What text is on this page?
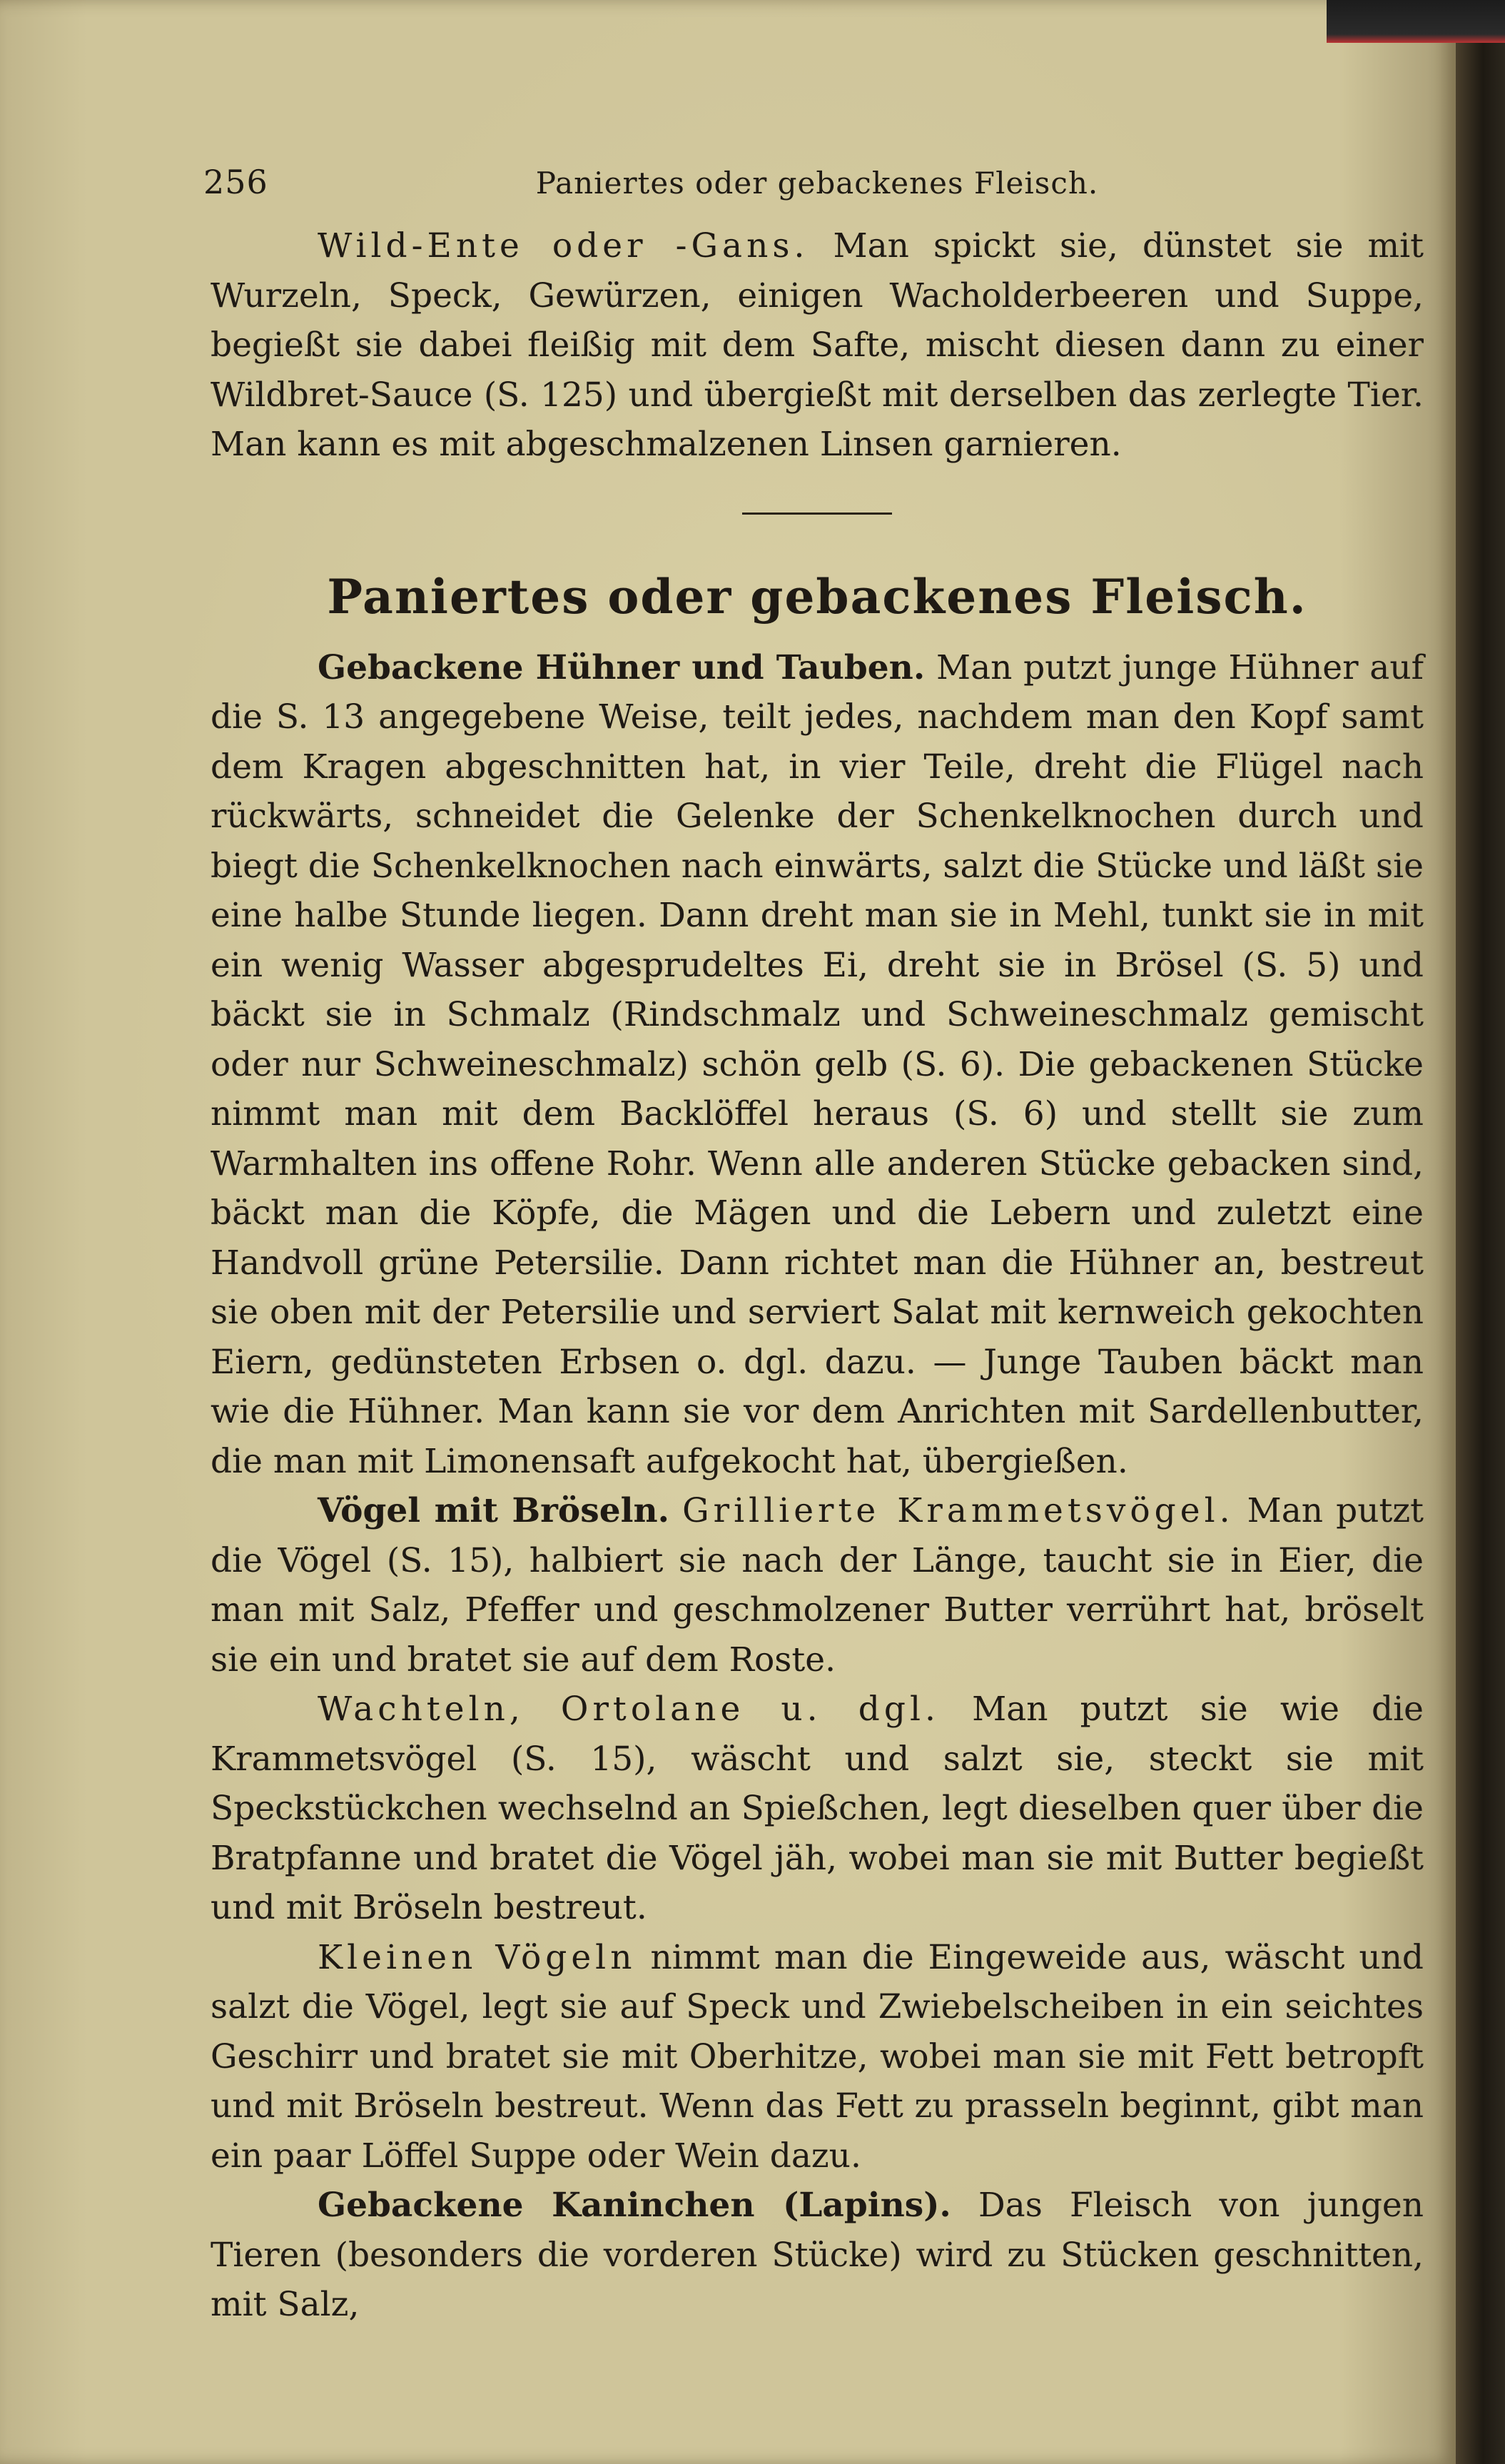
256	Paniertes oder gebackenes Fleisch.

Wild-Ente oder -Gans. Man spickt sie, dünstet sie mit Wurzeln, Speck, Gewürzen, einigen Wacholderbeeren und Suppe, begießt sie dabei fleißig mit dem Safte, mischt diesen dann zu einer Wildbret-Sauce (S. 125) und übergießt mit derselben das zerlegte Tier. Man kann es mit abgeschmalzenen Linsen garnieren.

Paniertes oder gebackenes Fleisch.

Gebackene Hühner und Tauben. Man putzt junge Hühner auf die S. 13 angegebene Weise, teilt jedes, nachdem man den Kopf samt dem Kragen abgeschnitten hat, in vier Teile, dreht die Flügel nach rückwärts, schneidet die Gelenke der Schenkelknochen durch und biegt die Schenkelknochen nach einwärts, salzt die Stücke und läßt sie eine halbe Stunde liegen. Dann dreht man sie in Mehl, tunkt sie in mit ein wenig Wasser abgesprudeltes Ei, dreht sie in Brösel (S. 5) und bäckt sie in Schmalz (Rindschmalz und Schweineschmalz gemischt oder nur Schweineschmalz) schön gelb (S. 6). Die gebackenen Stücke nimmt man mit dem Backlöffel heraus (S. 6) und stellt sie zum Warmhalten ins offene Rohr. Wenn alle anderen Stücke gebacken sind, bäckt man die Köpfe, die Mägen und die Lebern und zuletzt eine Handvoll grüne Petersilie. Dann richtet man die Hühner an, bestreut sie oben mit der Petersilie und serviert Salat mit kernweich gekochten Eiern, gedünsteten Erbsen o. dgl. dazu. — Junge Tauben bäckt man wie die Hühner. Man kann sie vor dem Anrichten mit Sardellenbutter, die man mit Limonensaft aufgekocht hat, übergießen.

Vögel mit Bröseln. Grillierte Krammetsvögel. Man putzt die Vögel (S. 15), halbiert sie nach der Länge, taucht sie in Eier, die man mit Salz, Pfeffer und geschmolzener Butter verrührt hat, bröselt sie ein und bratet sie auf dem Roste.

Wachteln, Ortolane u. dgl. Man putzt sie wie die Krammetsvögel (S. 15), wäscht und salzt sie, steckt sie mit Speckstückchen wechselnd an Spießchen, legt dieselben quer über die Bratpfanne und bratet die Vögel jäh, wobei man sie mit Butter begießt und mit Bröseln bestreut.

Kleinen Vögeln nimmt man die Eingeweide aus, wäscht und salzt die Vögel, legt sie auf Speck und Zwiebelscheiben in ein seichtes Geschirr und bratet sie mit Oberhitze, wobei man sie mit Fett betropft und mit Bröseln bestreut. Wenn das Fett zu prasseln beginnt, gibt man ein paar Löffel Suppe oder Wein dazu.

Gebackene Kaninchen (Lapins). Das Fleisch von jungen Tieren (besonders die vorderen Stücke) wird zu Stücken geschnitten, mit Salz,
